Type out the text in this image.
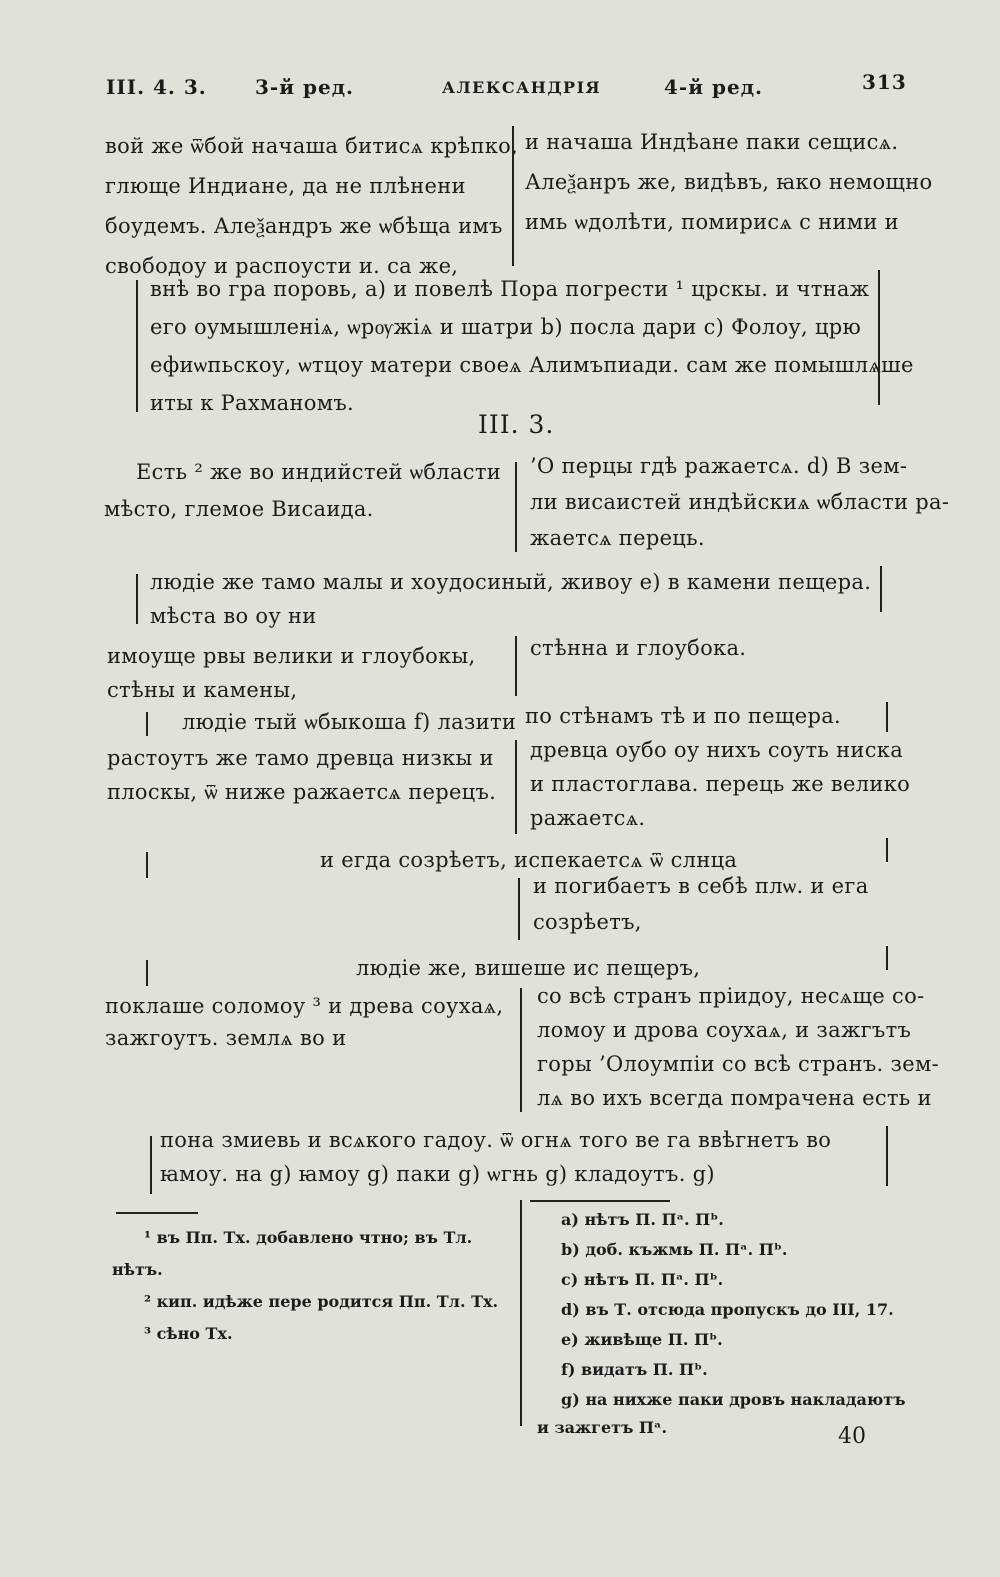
III. 4. 3. 3-й ред.	АЛЕКСАНДРІЯ	4-й ред.	313
вой же ѿбой начаша битисѧ крѣпко,
глюще Индиане, да не плѣнени
боудемъ. Алеѯандръ же ѡбѣща имъ
свободоу и распоусти и. са же,
и начаша Индѣане паки сещисѧ.
Алеѯанръ же, видѣвъ, ꙗко немощно
имь ѡдолѣти, помирисѧ с ними и
внѣ во гра поровь, a) и повелѣ Пора погрести ¹ црскы. и чтнаж
его оумышленіѧ, ѡрѹжіѧ и шатри b) посла дари c) Фолоу, црю
ефиѡпьскоу, ѡтцоу матери своеѧ Алимъпиади. сам же помышлѧше
иты к Рахманомъ.
III. 3.
Есть ² же во индийстей ѡбласти
мѣсто, глемое Висаида.
’О перцы гдѣ ражаетсѧ. d) В зем-
ли висаистей индѣйскиѧ ѡбласти ра-
жаетсѧ перець.
людіе же тамо малы и хоудосиный, живоу e) в камени пещера.
мѣста во оу ни
имоуще рвы велики и глоубокы,
стѣны и камены,
стѣнна и глоубока.
людіе тый ѡбыкоша f) лазити по стѣнамъ тѣ и по пещера.
растоутъ же тамо древца низкы и
плоскы, ѿ ниже ражаетсѧ перецъ.
древца оубо оу нихъ соуть ниска
и пластоглава. перець же велико
ражаетсѧ.
и егда созрѣетъ, испекаетсѧ ѿ слнца
и погибаетъ в себѣ плѡ. и ега
созрѣетъ,
людіе же, вишеше ис пещеръ,
поклаше соломоу ³ и древа соухаѧ,
зажгоутъ. землѧ во и
со всѣ странъ пріидоу, несѧще со-
ломоу и дрова соухаѧ, и зажгътъ
горы ’Олоумпіи со всѣ странъ. зем-
лѧ во ихъ всегда помрачена есть и
пона змиевь и всѧкого гадоу. ѿ огнѧ того ве га ввѣгнетъ во
ꙗмоу. на g) ꙗмоу g) паки g) ѡгнь g) кладоутъ. g)
¹ въ Пп. Тх. добавлено чтно; въ Тл.
нѣтъ.
² кип. идѣже пере родится Пп. Тл. Тх.
³ сѣно Тх.
a) нѣтъ П. Пᵃ. Пᵇ.
b) доб. къжмь П. Пᵃ. Пᵇ.
c) нѣтъ П. Пᵃ. Пᵇ.
d) въ Т. отсюда пропускъ до III, 17.
e) живѣще П. Пᵇ.
f) видатъ П. Пᵇ.
g) на нихже паки дровъ накладаютъ
и зажгетъ Пᵃ.	40
